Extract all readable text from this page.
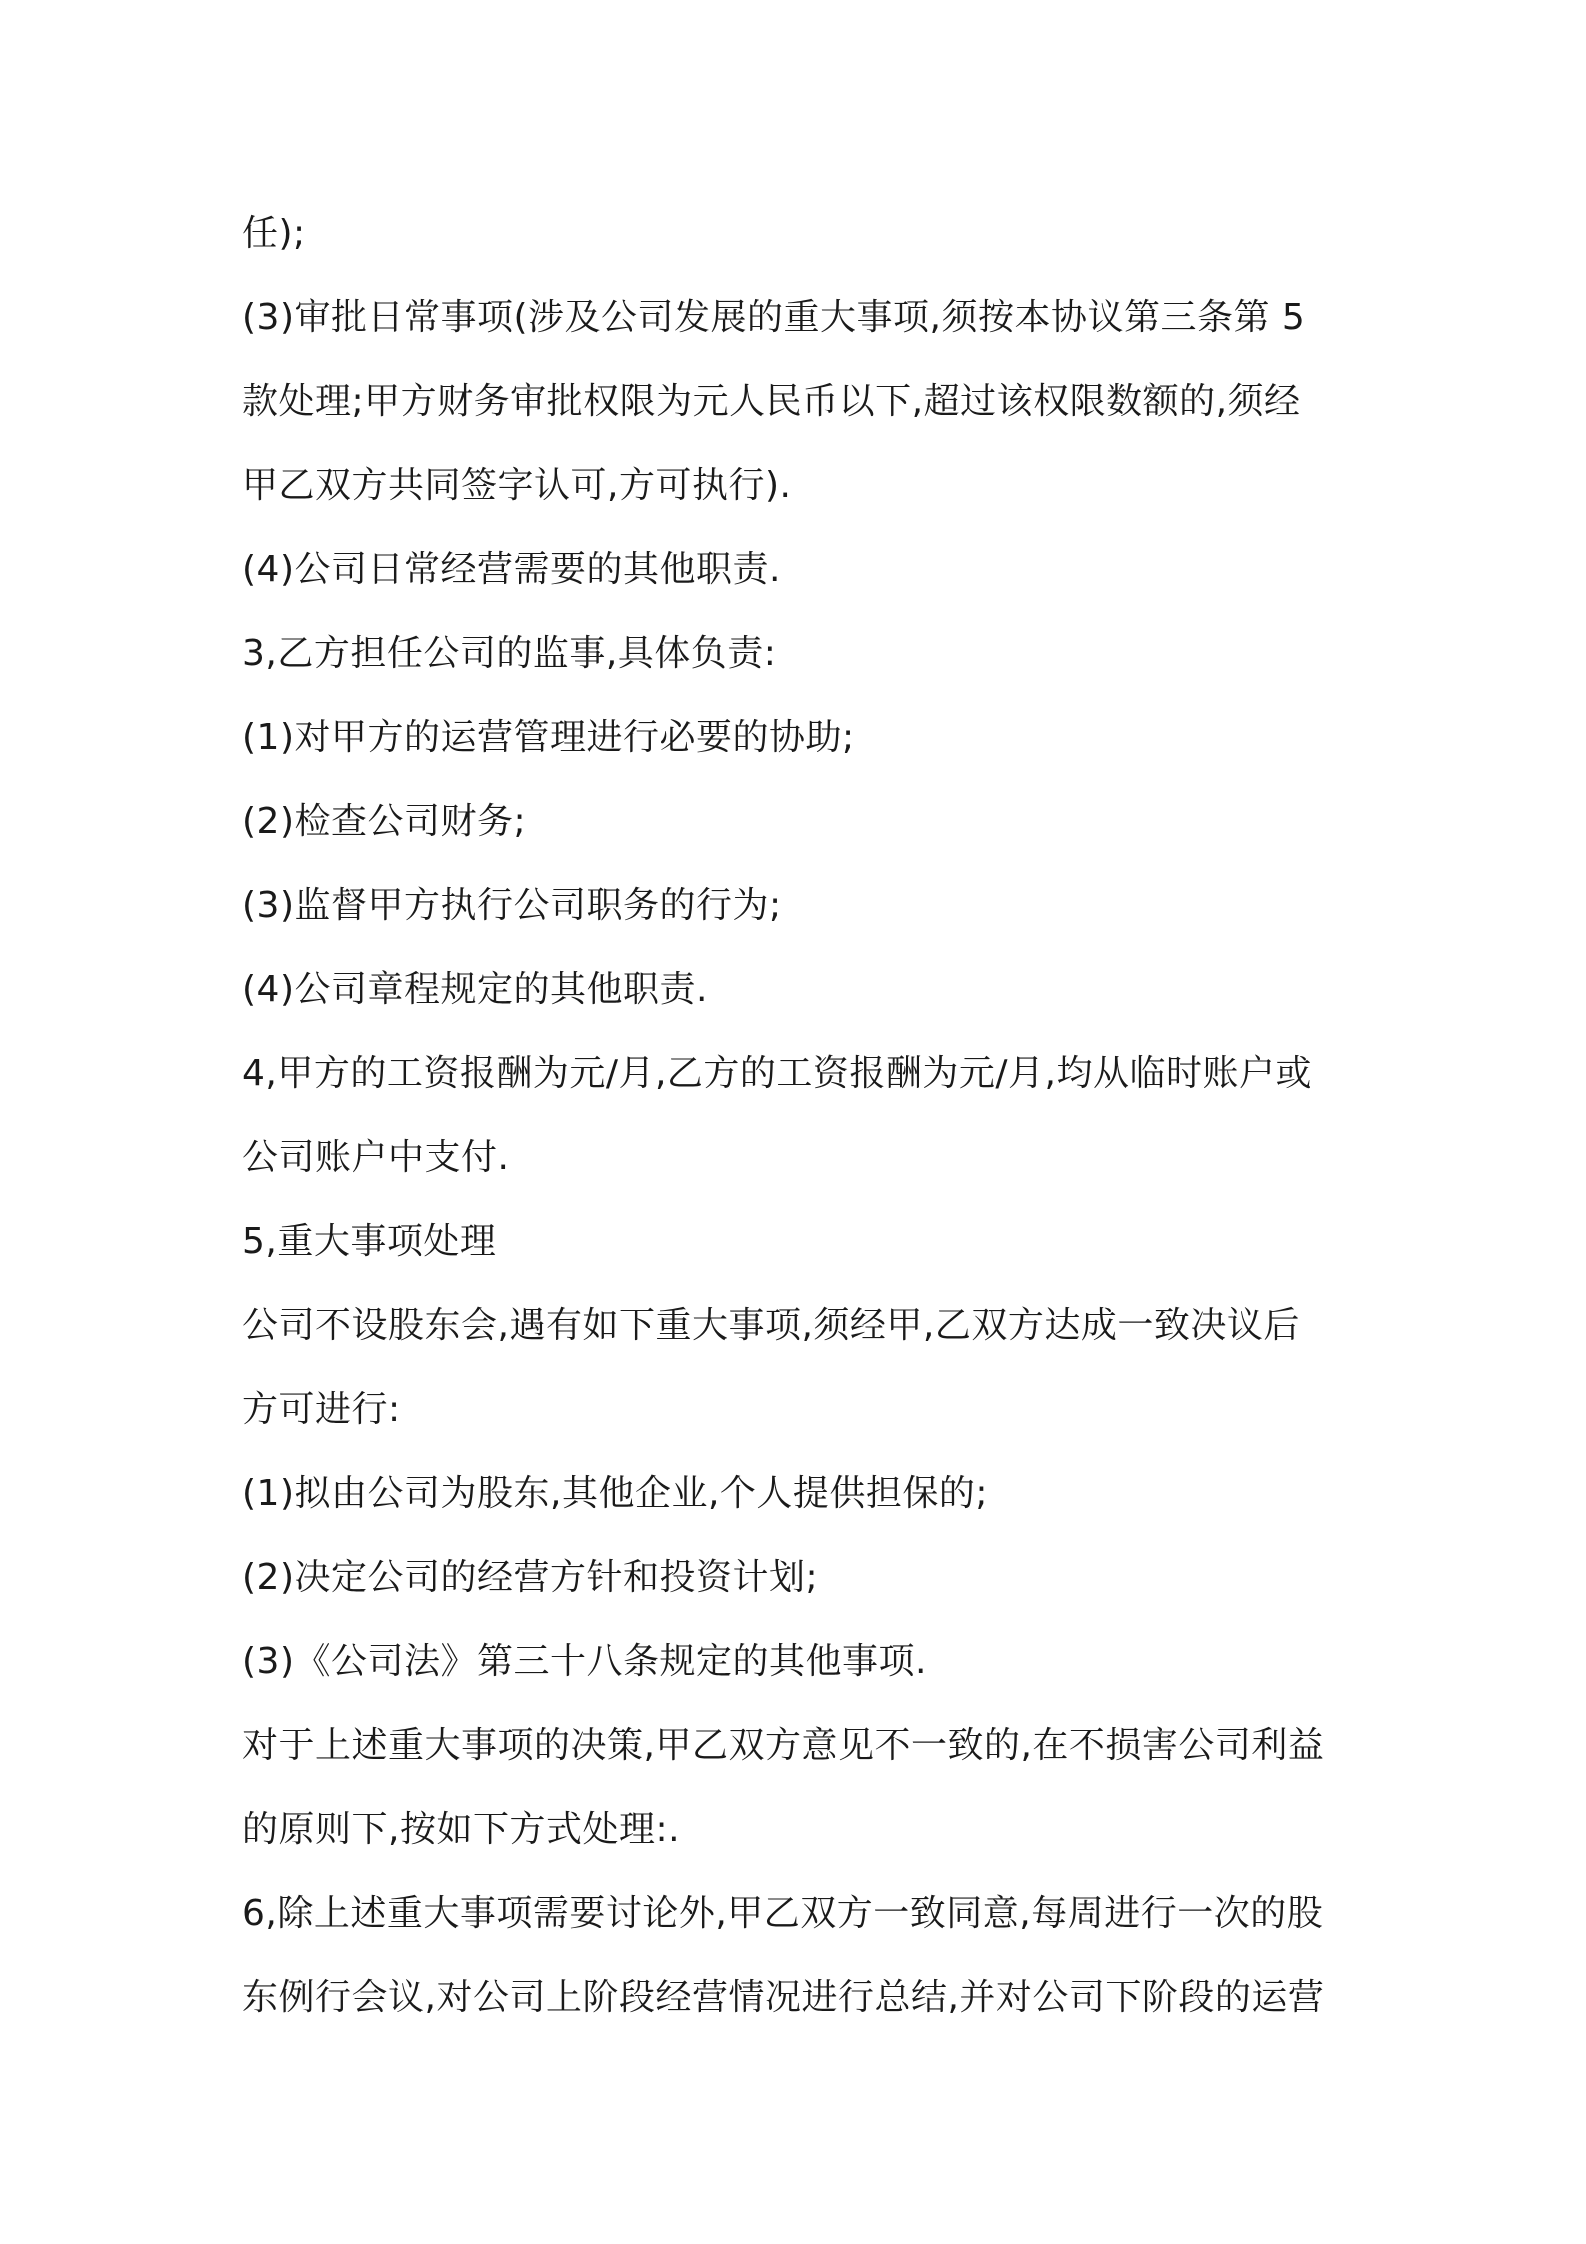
任);
(3)审批日常事项(涉及公司发展的重大事项,须按本协议第三条第 5
款处理;甲方财务审批权限为元人民币以下,超过该权限数额的,须经
甲乙双方共同签字认可,方可执行).
(4)公司日常经营需要的其他职责.
3,乙方担任公司的监事,具体负责:
(1)对甲方的运营管理进行必要的协助;
(2)检查公司财务;
(3)监督甲方执行公司职务的行为;
(4)公司章程规定的其他职责.
4,甲方的工资报酬为元/月,乙方的工资报酬为元/月,均从临时账户或
公司账户中支付.
5,重大事项处理
公司不设股东会,遇有如下重大事项,须经甲,乙双方达成一致决议后
方可进行:
(1)拟由公司为股东,其他企业,个人提供担保的;
(2)决定公司的经营方针和投资计划;
(3)《公司法》第三十八条规定的其他事项.
对于上述重大事项的决策,甲乙双方意见不一致的,在不损害公司利益
的原则下,按如下方式处理:.
6,除上述重大事项需要讨论外,甲乙双方一致同意,每周进行一次的股
东例行会议,对公司上阶段经营情况进行总结,并对公司下阶段的运营
